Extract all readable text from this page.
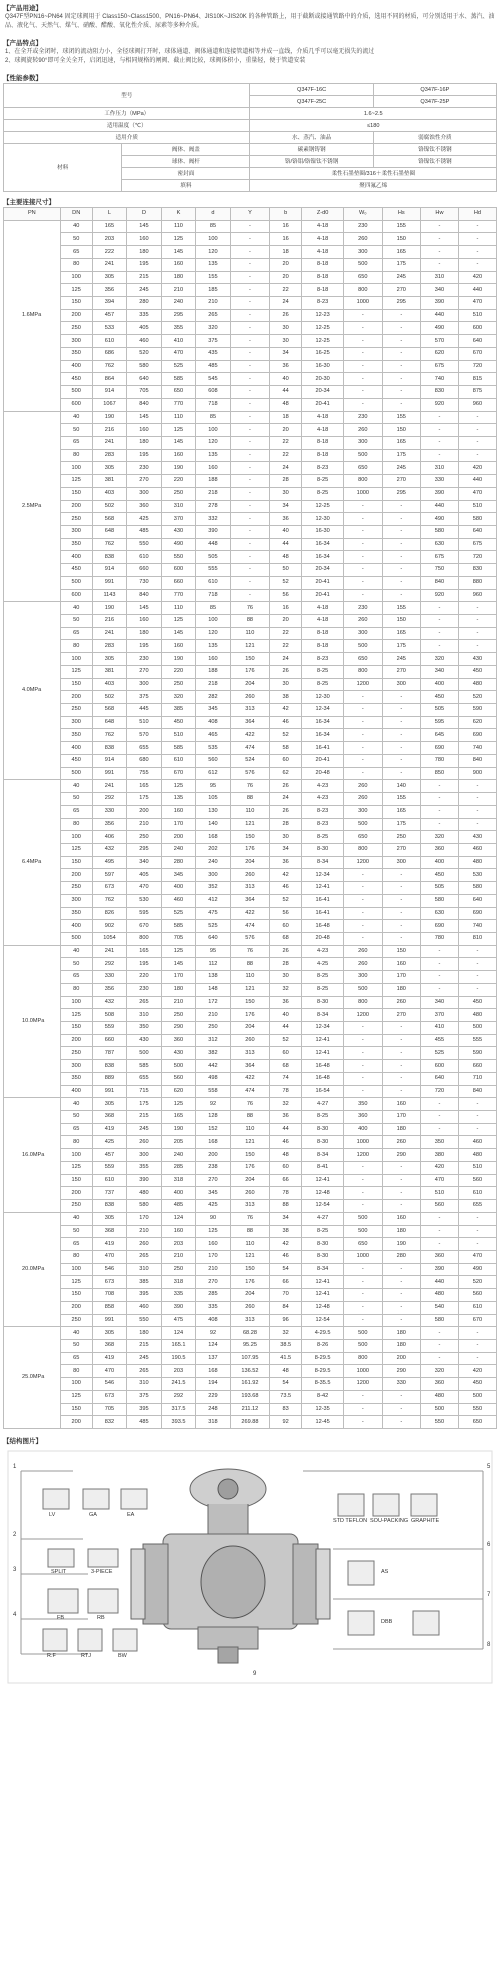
【产品用途】
Q347F型PN16~PN64 固定球阀用于 Class150~Class1500、PN16~PN64、JIS10K~JIS20K 的各种管路上，用于截断或接通管路中的介质，选用不同的材质，可分别适用于水、蒸汽、油品、液化气、天然气、煤气、硝酸、醋酸、氧化性介质、尿素等多种介质。
【产品特点】
1、在全开或全闭时，球闭的流动阻力小，全径球阀打开时，球体通道、阀体通道和连接管道相等并成一直线，介质几乎可以毫无损失的流过
2、球阀旋转90°即可全关全开，启闭迅速，与相同规格的闸阀、截止阀比较，球阀体积小，重量轻，便于管道安装
【性能参数】
型号		Q347F-16C	Q347F-16P
		Q347F-25C	Q347F-25P
工作压力（MPa）		1.6~2.5	
适用温度（℃）		≤180	
适用介质		水、蒸汽、油品	弱腐蚀性介质
材料	阀体、阀盖	碳素钢铸钢	铬镍钛不锈钢
	球体、阀杆	铬/铬钼/铬镍钛不锈钢	铬镍钛不锈钢
	密封面	柔性石墨垫圈/316＋柔性石墨垫圈	
	填料	聚四氟乙烯	
【主要连接尺寸】
PN	DN	L	D	K	d	Y	b	Z-d0	W₀	Hs	Hw	Hd
1.6MPa	40	165	145	110	85	-	16	4-18	230	155	-	-
	50	203	160	125	100	-	16	4-18	260	150	-	-
	65	222	180	145	120	-	18	4-18	300	165	-	-
	80	241	195	160	135	-	20	8-18	500	175	-	-
	100	305	215	180	155	-	20	8-18	650	245	310	420
	125	356	245	210	185	-	22	8-18	800	270	340	440
	150	394	280	240	210	-	24	8-23	1000	295	390	470
	200	457	335	295	265	-	26	12-23	-	-	440	510
	250	533	405	355	320	-	30	12-25	-	-	490	600
	300	610	460	410	375	-	30	12-25	-	-	570	640
	350	686	520	470	435	-	34	16-25	-	-	620	670
	400	762	580	525	485	-	36	16-30	-	-	675	720
	450	864	640	585	545	-	40	20-30	-	-	740	815
	500	914	705	650	608	-	44	20-34	-	-	830	875
	600	1067	840	770	718	-	48	20-41	-	-	920	960
2.5MPa	40	190	145	110	85	-	18	4-18	230	155	-	-
	50	216	160	125	100	-	20	4-18	260	150	-	-
	65	241	180	145	120	-	22	8-18	300	165	-	-
	80	283	195	160	135	-	22	8-18	500	175	-	-
	100	305	230	190	160	-	24	8-23	650	245	310	420
	125	381	270	220	188	-	28	8-25	800	270	330	440
	150	403	300	250	218	-	30	8-25	1000	295	390	470
	200	502	360	310	278	-	34	12-25	-	-	440	510
	250	568	425	370	332	-	36	12-30	-	-	490	580
	300	648	485	430	390	-	40	16-30	-	-	580	640
	350	762	550	490	448	-	44	16-34	-	-	630	675
	400	838	610	550	505	-	48	16-34	-	-	675	720
	450	914	660	600	555	-	50	20-34	-	-	750	830
	500	991	730	660	610	-	52	20-41	-	-	840	880
	600	1143	840	770	718	-	56	20-41	-	-	920	960
4.0MPa	40	190	145	110	85	76	16	4-18	230	155	-	-
	50	216	160	125	100	88	20	4-18	260	150	-	-
	65	241	180	145	120	110	22	8-18	300	165	-	-
	80	283	195	160	135	121	22	8-18	500	175	-	-
	100	305	230	190	160	150	24	8-23	650	245	320	430
	125	381	270	220	188	176	26	8-25	800	270	340	450
	150	403	300	250	218	204	30	8-25	1200	300	400	480
	200	502	375	320	282	260	38	12-30	-	-	450	520
	250	568	445	385	345	313	42	12-34	-	-	505	590
	300	648	510	450	408	364	46	16-34	-	-	595	620
	350	762	570	510	465	422	52	16-34	-	-	645	690
	400	838	655	585	535	474	58	16-41	-	-	690	740
	450	914	680	610	560	524	60	20-41	-	-	780	840
	500	991	755	670	612	576	62	20-48	-	-	850	900
6.4MPa	40	241	165	125	95	76	26	4-23	260	140	-	-
	50	292	175	135	105	88	24	4-23	260	155	-	-
	65	330	200	160	130	110	26	8-23	300	165	-	-
	80	356	210	170	140	121	28	8-23	500	175	-	-
	100	406	250	200	168	150	30	8-25	650	250	320	430
	125	432	295	240	202	176	34	8-30	800	270	360	460
	150	495	340	280	240	204	36	8-34	1200	300	400	480
	200	597	405	345	300	260	42	12-34	-	-	450	530
	250	673	470	400	352	313	46	12-41	-	-	505	580
	300	762	530	460	412	364	52	16-41	-	-	580	640
	350	826	595	525	475	422	56	16-41	-	-	630	690
	400	902	670	585	525	474	60	16-48	-	-	690	740
	500	1054	800	705	640	576	68	20-48	-	-	780	810
10.0MPa	40	241	165	125	95	76	26	4-23	260	150	-	-
	50	292	195	145	112	88	28	4-25	260	160	-	-
	65	330	220	170	138	110	30	8-25	300	170	-	-
	80	356	230	180	148	121	32	8-25	500	180	-	-
	100	432	265	210	172	150	36	8-30	800	260	340	450
	125	508	310	250	210	176	40	8-34	1200	270	370	480
	150	559	350	290	250	204	44	12-34	-	-	410	500
	200	660	430	360	312	260	52	12-41	-	-	455	555
	250	787	500	430	382	313	60	12-41	-	-	525	590
	300	838	585	500	442	364	68	16-48	-	-	600	660
	350	889	655	560	498	422	74	16-48	-	-	640	710
	400	991	715	620	558	474	78	16-54	-	-	720	840
16.0MPa	40	305	175	125	92	76	32	4-27	350	160	-	-
	50	368	215	165	128	88	36	8-25	360	170	-	-
	65	419	245	190	152	110	44	8-30	400	180	-	-
	80	425	260	205	168	121	46	8-30	1000	260	350	460
	100	457	300	240	200	150	48	8-34	1200	290	380	480
	125	559	355	285	238	176	60	8-41	-	-	420	510
	150	610	390	318	270	204	66	12-41	-	-	470	560
	200	737	480	400	345	260	78	12-48	-	-	510	610
	250	838	580	485	425	313	88	12-54	-	-	560	655
20.0MPa	40	305	170	124	90	76	34	4-27	500	160	-	-
	50	368	210	160	125	88	38	8-25	500	180	-	-
	65	419	260	203	160	110	42	8-30	650	190	-	-
	80	470	265	210	170	121	46	8-30	1000	280	360	470
	100	546	310	250	210	150	54	8-34	-	-	390	490
	125	673	385	318	270	176	66	12-41	-	-	440	520
	150	708	395	335	285	204	70	12-41	-	-	480	560
	200	858	460	390	335	260	84	12-48	-	-	540	610
	250	991	550	475	408	313	96	12-54	-	-	580	670
25.0MPa	40	305	180	124	92	68.28	32	4-29.5	500	180	-	-
	50	368	215	165.1	124	95.25	38.5	8-26	500	180	-	-
	65	419	245	190.5	137	107.95	41.5	8-29.5	800	200	-	-
	80	470	265	203	168	136.52	48	8-29.5	1000	290	320	420
	100	546	310	241.5	194	161.92	54	8-35.5	1200	330	360	450
	125	673	375	292	229	193.68	73.5	8-42	-	-	480	500
	150	705	395	317.5	248	211.12	83	12-35	-	-	500	550
	200	832	485	393.5	318	269.88	92	12-45	-	-	550	650
【结构图片】
1
2
3
4
5
6
7
8
9
LV	GA	EA
SPLIT	3-PIECE
FB	RB
R.F	RTJ	BW
STD TEFLON SOU-PACKING GRAPHITE
AS
DBB
